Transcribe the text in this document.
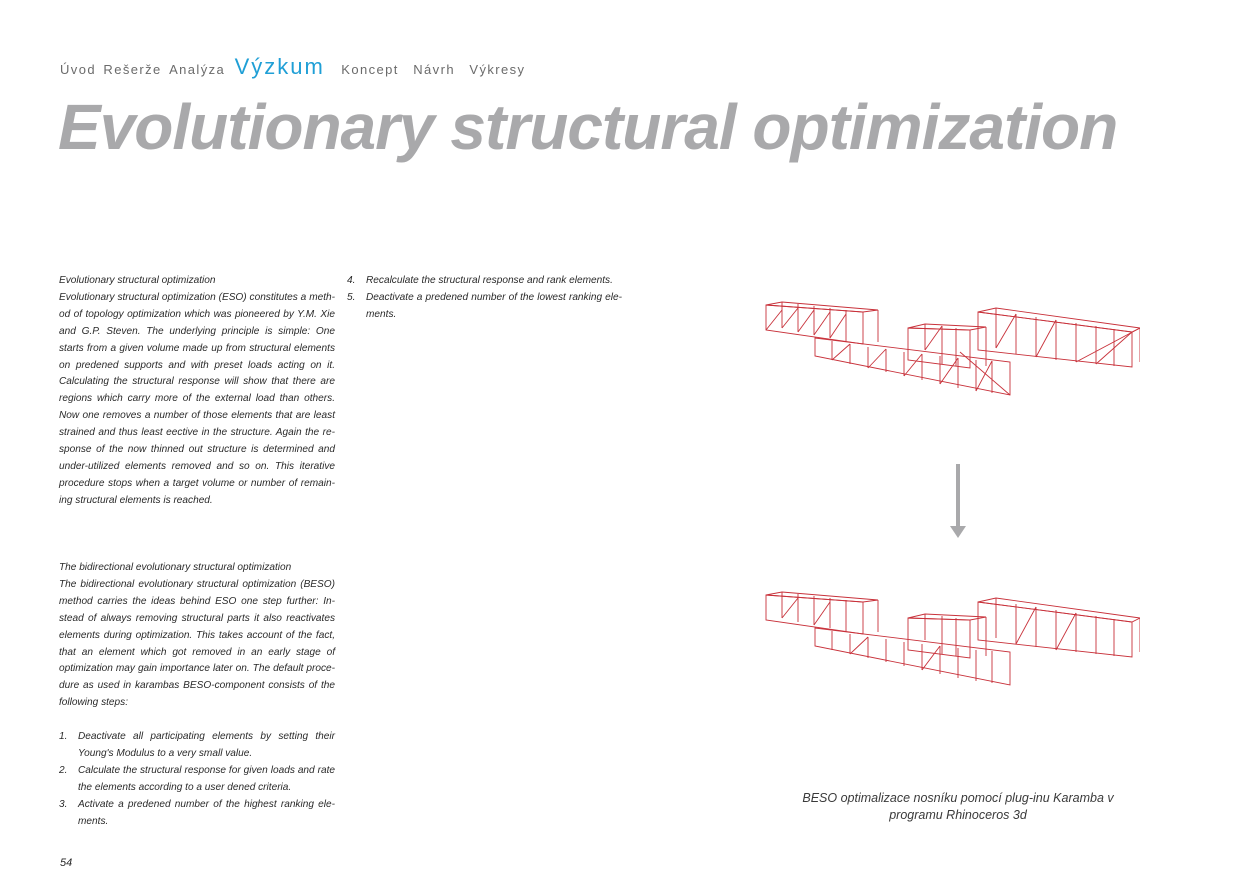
Úvod Rešerže Analýza Výzkum Koncept Návrh Výkresy
Evolutionary structural optimization

Evolutionary structural optimization

Evolutionary structural optimization (ESO) constitutes a meth-od of topology optimization which was pioneered by Y.M. Xie and G.P. Steven. The underlying principle is simple: One starts from a given volume made up from structural elements on predened supports and with preset loads acting on it. Calculating the structural response will show that there are regions which carry more of the external load than others. Now one removes a number of those elements that are least strained and thus least eective in the structure. Again the re-sponse of the now thinned out structure is determined and under-utilized elements removed and so on. This iterative procedure stops when a target volume or number of remain-ing structural elements is reached.

The bidirectional evolutionary structural optimization

The bidirectional evolutionary structural optimization (BESO) method carries the ideas behind ESO one step further: In-stead of always removing structural parts it also reactivates elements during optimization. This takes account of the fact, that an element which got removed in an early stage of optimization may gain importance later on. The default proce-dure as used in karambas BESO-component consists of the following steps:

1. Deactivate all participating elements by setting their Young's Modulus to a very small value.
2. Calculate the structural response for given loads and rate the elements according to a user dened criteria.
3. Activate a predened number of the highest ranking ele-ments.
4. Recalculate the structural response and rank elements.
5. Deactivate a predened number of the lowest ranking ele-ments.
BESO optimalizace nosníku pomocí plug-inu Karamba v programu Rhinoceros 3d
54
